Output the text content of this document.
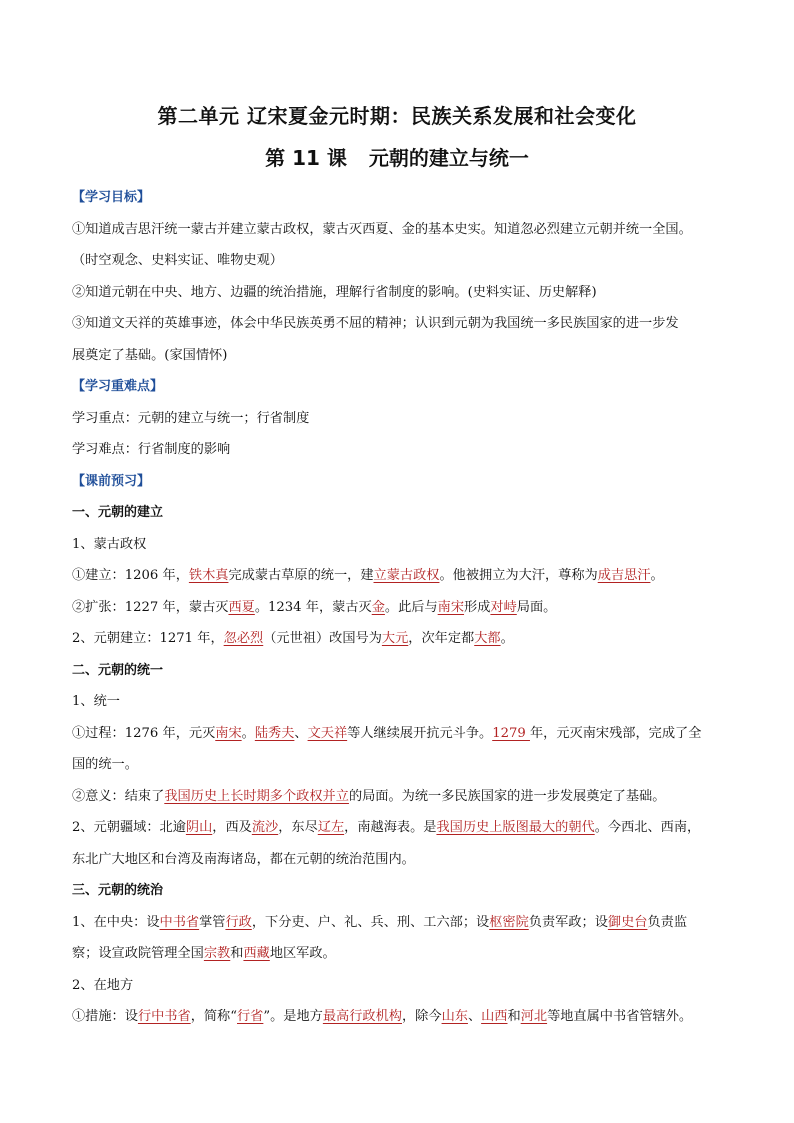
第二单元 辽宋夏金元时期：民族关系发展和社会变化
第 11 课 元朝的建立与统一
【学习目标】
①知道成吉思汗统一蒙古并建立蒙古政权，蒙古灭西夏、金的基本史实。知道忽必烈建立元朝并统一全国。
（时空观念、史料实证、唯物史观）
②知道元朝在中央、地方、边疆的统治措施，理解行省制度的影响。(史料实证、历史解释)
③知道文天祥的英雄事迹，体会中华民族英勇不屈的精神；认识到元朝为我国统一多民族国家的进一步发
展奠定了基础。(家国情怀)
【学习重难点】
学习重点：元朝的建立与统一；行省制度
学习难点：行省制度的影响
【课前预习】
一、元朝的建立
1、蒙古政权
①建立：1206 年，铁木真完成蒙古草原的统一，建立蒙古政权。他被拥立为大汗，尊称为成吉思汗。
②扩张：1227 年，蒙古灭西夏。1234 年，蒙古灭金。此后与南宋形成对峙局面。
2、元朝建立：1271 年，忽必烈（元世祖）改国号为大元，次年定都大都。
二、元朝的统一
1、统一
①过程：1276 年，元灭南宋。陆秀夫、文天祥等人继续展开抗元斗争。1279 年，元灭南宋残部，完成了全
国的统一。
②意义：结束了我国历史上长时期多个政权并立的局面。为统一多民族国家的进一步发展奠定了基础。
2、元朝疆域：北逾阴山，西及流沙，东尽辽左，南越海表。是我国历史上版图最大的朝代。今西北、西南，
东北广大地区和台湾及南海诸岛，都在元朝的统治范围内。
三、元朝的统治
1、在中央：设中书省掌管行政，下分吏、户、礼、兵、刑、工六部；设枢密院负责军政；设御史台负责监
察；设宣政院管理全国宗教和西藏地区军政。
2、在地方
①措施：设行中书省，简称“行省”。是地方最高行政机构，除今山东、山西和河北等地直属中书省管辖外。
